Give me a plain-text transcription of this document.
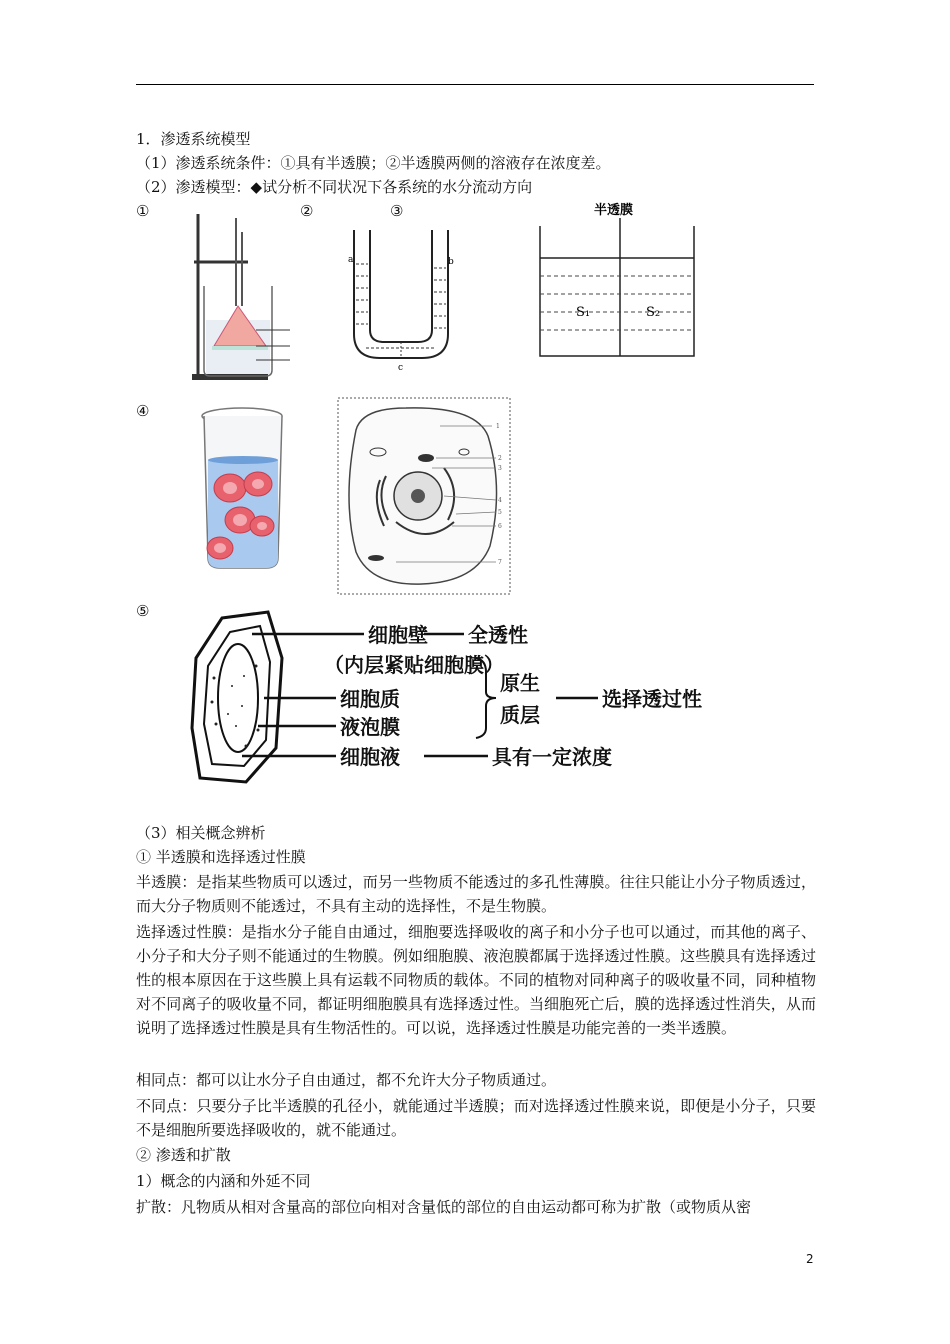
1．渗透系统模型
（1）渗透系统条件：①具有半透膜；②半透膜两侧的溶液存在浓度差。
（2）渗透模型：◆试分析不同状况下各系统的水分流动方向
①	②	③
④
⑤
a	b
c
半透膜
S₁	S₂
1
2
3
4
5
6
7
细胞壁 全透性
（内层紧贴细胞膜）
细胞质
液泡膜
细胞液	具有一定浓度
原生
质层
选择透过性
（3）相关概念辨析
① 半透膜和选择透过性膜
半透膜：是指某些物质可以透过，而另一些物质不能透过的多孔性薄膜。往往只能让小分子物质透过，而大分子物质则不能透过，不具有主动的选择性，不是生物膜。
选择透过性膜：是指水分子能自由通过，细胞要选择吸收的离子和小分子也可以通过，而其他的离子、小分子和大分子则不能通过的生物膜。例如细胞膜、液泡膜都属于选择透过性膜。这些膜具有选择透过性的根本原因在于这些膜上具有运载不同物质的载体。不同的植物对同种离子的吸收量不同，同种植物对不同离子的吸收量不同，都证明细胞膜具有选择透过性。当细胞死亡后，膜的选择透过性消失，从而说明了选择透过性膜是具有生物活性的。可以说，选择透过性膜是功能完善的一类半透膜。
相同点：都可以让水分子自由通过，都不允许大分子物质通过。
不同点：只要分子比半透膜的孔径小，就能通过半透膜；而对选择透过性膜来说，即便是小分子，只要不是细胞所要选择吸收的，就不能通过。
② 渗透和扩散
1）概念的内涵和外延不同
扩散：凡物质从相对含量高的部位向相对含量低的部位的自由运动都可称为扩散（或物质从密
2
